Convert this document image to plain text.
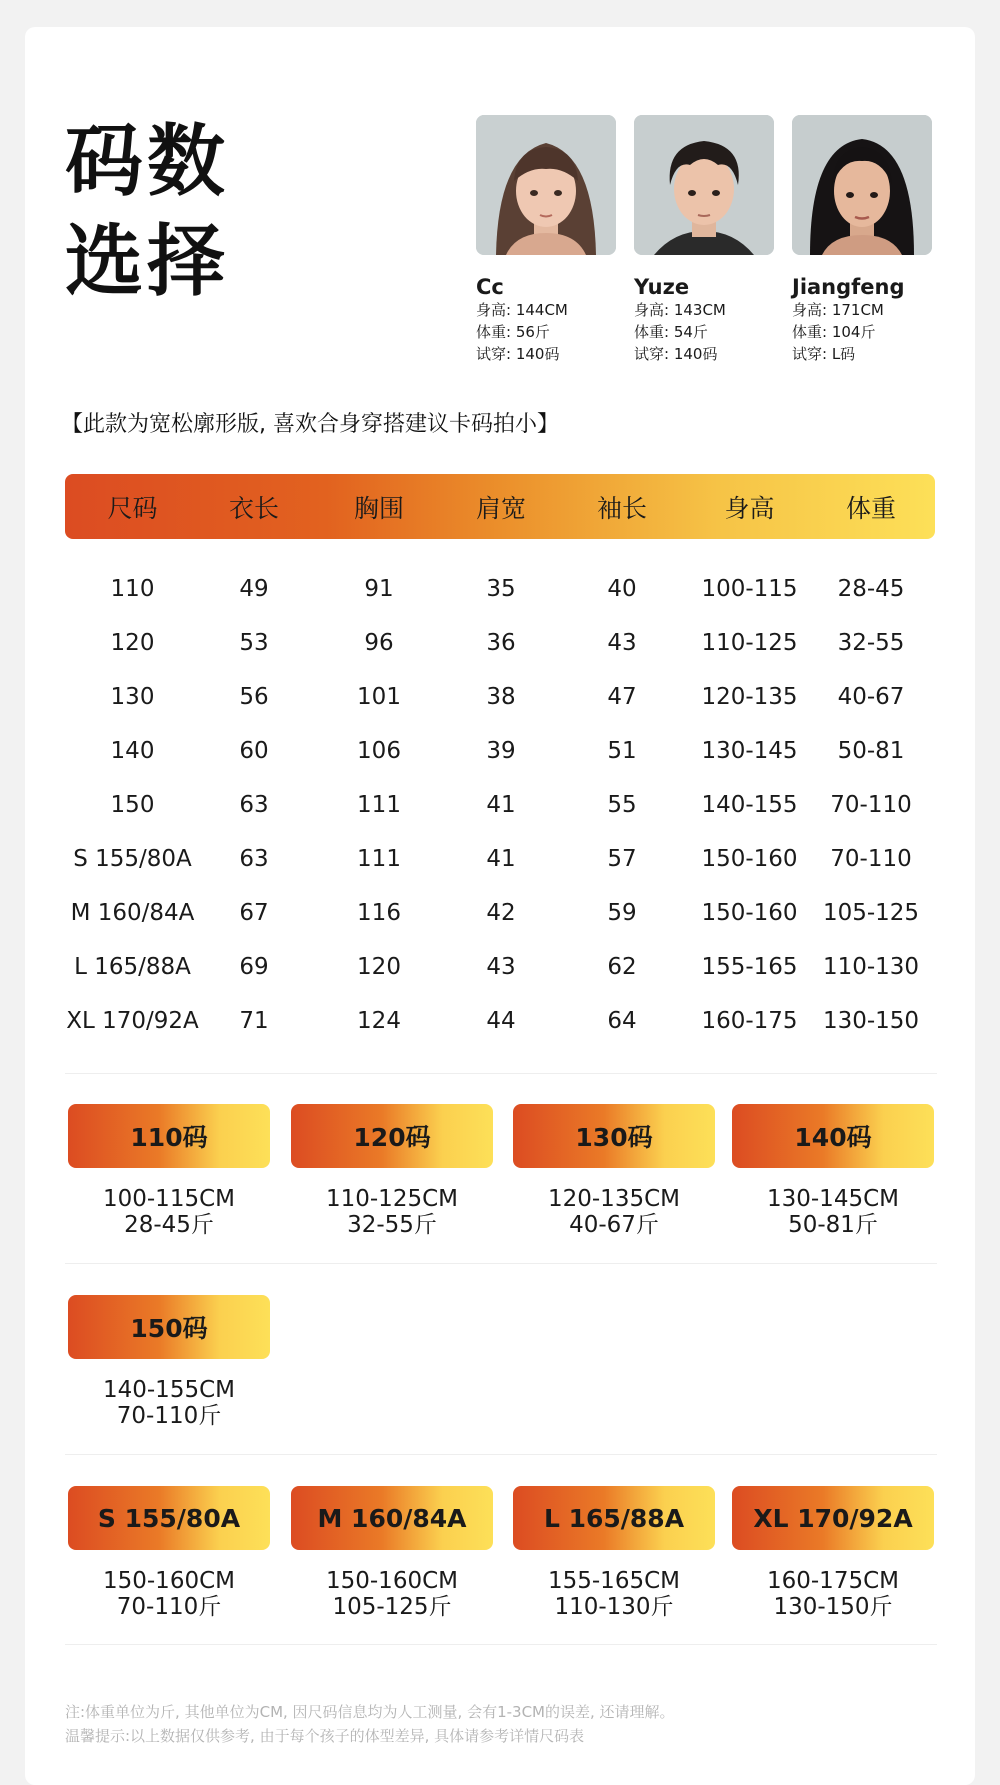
码数
选择	Cc
身高: 144CM
体重: 56斤
试穿: 140码
Yuze
身高: 143CM
体重: 54斤
试穿: 140码
Jiangfeng
身高: 171CM
体重: 104斤
试穿: L码
【此款为宽松廓形版, 喜欢合身穿搭建议卡码拍小】
尺码	衣长	胸围	肩宽	袖长	身高	体重
110	49	91	35	40	100-115	28-45
120	53	96	36	43	110-125	32-55
130	56	101	38	47	120-135	40-67
140	60	106	39	51	130-145	50-81
150	63	111	41	55	140-155	70-110
S 155/80A	63	111	41	57	150-160	70-110
M 160/84A	67	116	42	59	150-160	105-125
L 165/88A	69	120	43	62	155-165	110-130
XL 170/92A	71	124	44	64	160-175	130-150
110码
100-115CM
28-45斤
120码
110-125CM
32-55斤
130码
120-135CM
40-67斤
140码
130-145CM
50-81斤
150码
140-155CM
70-110斤
S 155/80A
150-160CM
70-110斤
M 160/84A
150-160CM
105-125斤
L 165/88A
155-165CM
110-130斤
XL 170/92A
160-175CM
130-150斤
注:体重单位为斤, 其他单位为CM, 因尺码信息均为人工测量, 会有1-3CM的误差, 还请理解。
温馨提示:以上数据仅供参考, 由于每个孩子的体型差异, 具体请参考详情尺码表
